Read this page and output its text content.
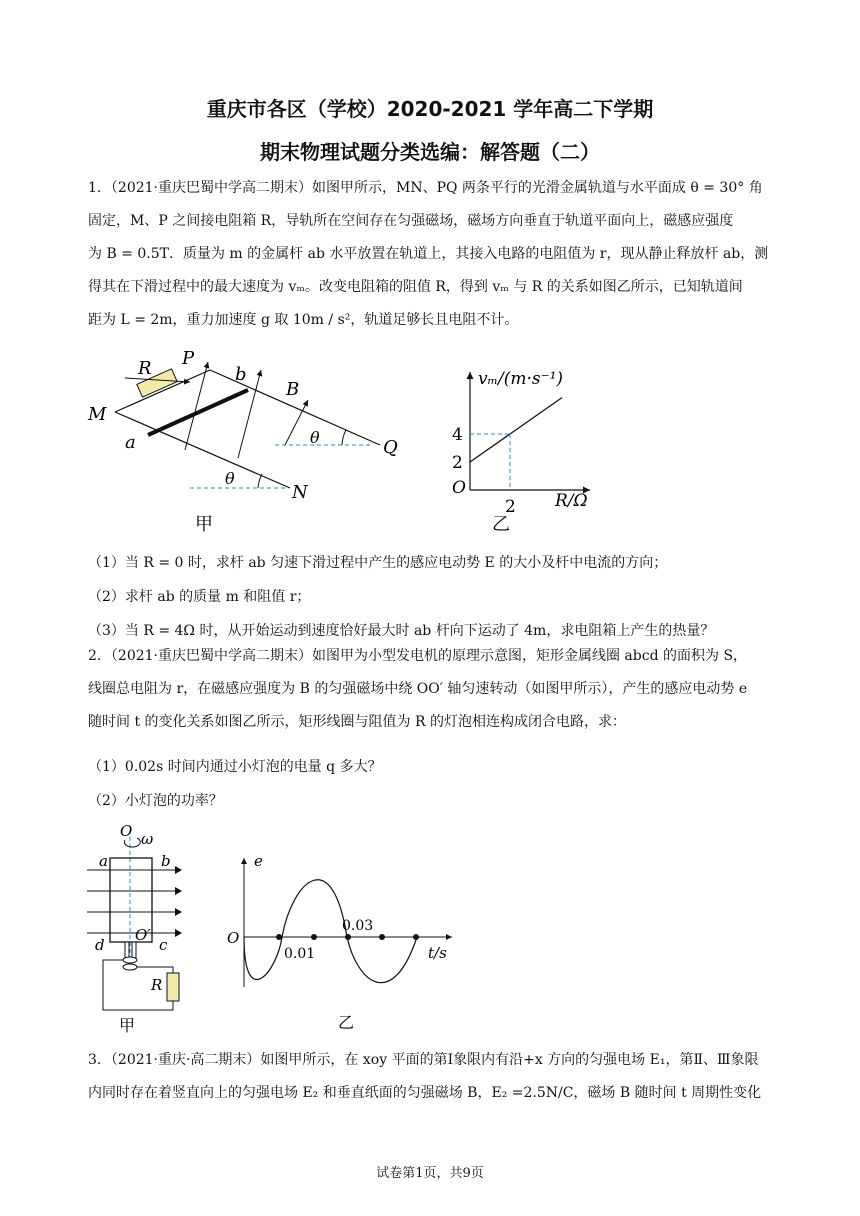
重庆市各区（学校）2020-2021 学年高二下学期
期末物理试题分类选编：解答题（二）
1．（2021·重庆巴蜀中学高二期末）如图甲所示，MN、PQ 两条平行的光滑金属轨道与水平面成 θ = 30° 角
固定，M、P 之间接电阻箱 R，导轨所在空间存在匀强磁场，磁场方向垂直于轨道平面向上，磁感应强度
为 B = 0.5T．质量为 m 的金属杆 ab 水平放置在轨道上，其接入电路的电阻值为 r，现从静止释放杆 ab，测
得其在下滑过程中的最大速度为 vₘ。改变电阻箱的阻值 R，得到 vₘ 与 R 的关系如图乙所示，已知轨道间
距为 L = 2m，重力加速度 g 取 10m / s²，轨道足够长且电阻不计。
R P
b
B
M
a	θ	Q
θ
N
甲
vₘ/(m·s⁻¹)
R/Ω
O
乙
2
4
2
（1）当 R = 0 时，求杆 ab 匀速下滑过程中产生的感应电动势 E 的大小及杆中电流的方向；
（2）求杆 ab 的质量 m 和阻值 r；
（3）当 R = 4Ω 时，从开始运动到速度恰好最大时 ab 杆向下运动了 4m，求电阻箱上产生的热量？
2．（2021·重庆巴蜀中学高二期末）如图甲为小型发电机的原理示意图，矩形金属线圈 abcd 的面积为 S，
线圈总电阻为 r，在磁感应强度为 B 的匀强磁场中绕 OO′ 轴匀速转动（如图甲所示），产生的感应电动势 e
随时间 t 的变化关系如图乙所示，矩形线圈与阻值为 R 的灯泡相连构成闭合电路，求：
（1）0.02s 时间内通过小灯泡的电量 q 多大？
（2）小灯泡的功率？
O ω
a	b
d
O′
c
R
甲
e
t/s
O
0.01
0.03
乙
3．（2021·重庆·高二期末）如图甲所示，在 xoy 平面的第Ⅰ象限内有沿+x 方向的匀强电场 E₁，第Ⅱ、Ⅲ象限
内同时存在着竖直向上的匀强电场 E₂ 和垂直纸面的匀强磁场 B，E₂ =2.5N/C，磁场 B 随时间 t 周期性变化
试卷第1页，共9页
